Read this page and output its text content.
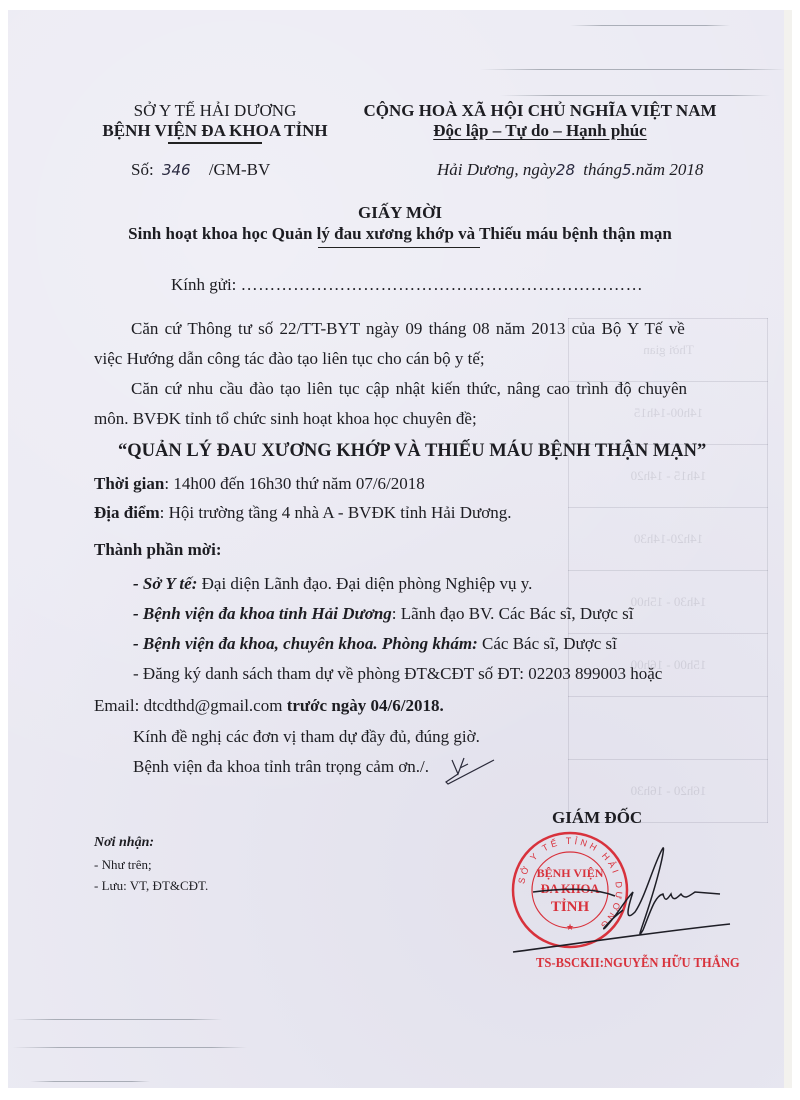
Thời gian
14h00-14h15
14h15 - 14h20
14h20-14h30
14h30 - 15h00
15h00 - 16h00

16h20 - 16h30
SỞ Y TẾ HẢI DƯƠNG
BỆNH VIỆN ĐA KHOA TỈNH
Số: 346 /GM-BV
CỘNG HOÀ XÃ HỘI CHỦ NGHĨA VIỆT NAM
Độc lập – Tự do – Hạnh phúc
Hải Dương, ngày28 tháng5.năm 2018
GIẤY MỜI
Sinh hoạt khoa học Quản lý đau xương khớp và Thiếu máu bệnh thận mạn
Kính gửi: ……………………………………………………………
Căn cứ Thông tư số 22/TT-BYT ngày 09 tháng 08 năm 2013 của Bộ Y Tế về
việc Hướng dẫn công tác đào tạo liên tục cho cán bộ y tế;
Căn cứ nhu cầu đào tạo liên tục cập nhật kiến thức, nâng cao trình độ chuyên
môn. BVĐK tỉnh tổ chức sinh hoạt khoa học chuyên đề;
“QUẢN LÝ ĐAU XƯƠNG KHỚP VÀ THIẾU MÁU BỆNH THẬN MẠN”
Thời gian: 14h00 đến 16h30 thứ năm 07/6/2018
Địa điểm: Hội trường tầng 4 nhà A - BVĐK tỉnh Hải Dương.
Thành phần mời:
- Sở Y tế: Đại diện Lãnh đạo. Đại diện phòng Nghiệp vụ y.
- Bệnh viện đa khoa tỉnh Hải Dương: Lãnh đạo BV. Các Bác sĩ, Dược sĩ
- Bệnh viện đa khoa, chuyên khoa. Phòng khám: Các Bác sĩ, Dược sĩ
- Đăng ký danh sách tham dự về phòng ĐT&CĐT số ĐT: 02203 899003 hoặc
Email: dtcdthd@gmail.com trước ngày 04/6/2018.
Kính đề nghị các đơn vị tham dự đầy đủ, đúng giờ.
Bệnh viện đa khoa tỉnh trân trọng cảm ơn./.
Nơi nhận:
- Như trên;
- Lưu: VT, ĐT&CĐT.
GIÁM ĐỐC
SỞ Y TẾ TỈNH HẢI DƯƠNG
★
BỆNH VIỆN
ĐA KHOA
TỈNH
TS-BSCKII:NGUYỄN HỮU THẮNG
